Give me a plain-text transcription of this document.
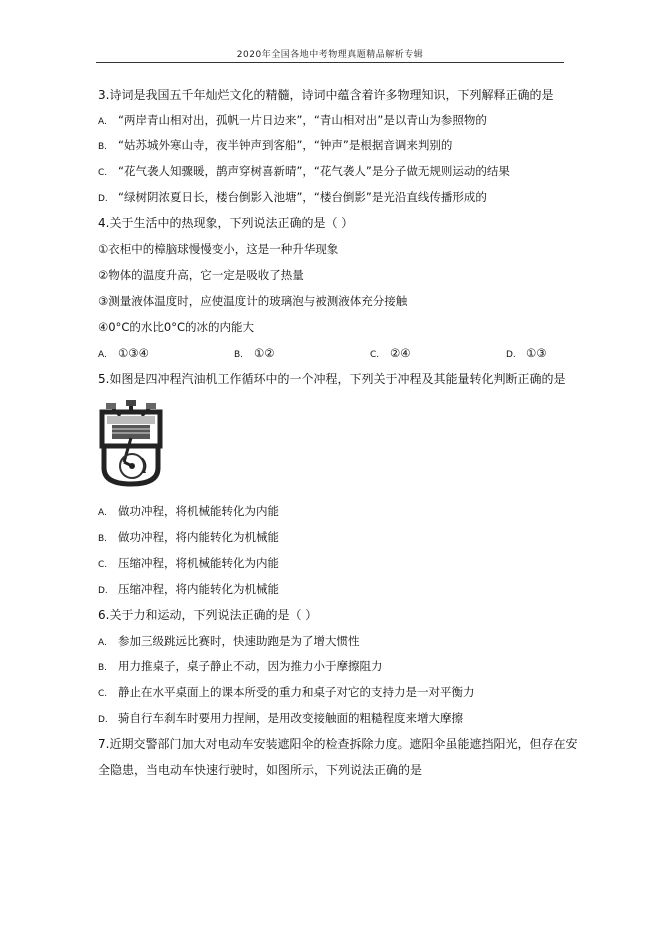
2020年全国各地中考物理真题精品解析专辑
3.诗词是我国五千年灿烂文化的精髓，诗词中蕴含着许多物理知识，下列解释正确的是
A. “两岸青山相对出，孤帆一片日边来”，“青山相对出”是以青山为参照物的
B. “姑苏城外寒山寺，夜半钟声到客船”，“钟声”是根据音调来判别的
C. “花气袭人知骤暖，鹊声穿树喜新晴”，“花气袭人”是分子做无规则运动的结果
D. “绿树阴浓夏日长，楼台倒影入池塘”，“楼台倒影”是光沿直线传播形成的
4.关于生活中的热现象，下列说法正确的是（ ）
①衣柜中的樟脑球慢慢变小，这是一种升华现象
②物体的温度升高，它一定是吸收了热量
③测量液体温度时，应使温度计的玻璃泡与被测液体充分接触
④0°C的水比0°C的冰的内能大
A. ①③④	B. ①②	C. ②④	D. ①③
5.如图是四冲程汽油机工作循环中的一个冲程，下列关于冲程及其能量转化判断正确的是
A. 做功冲程，将机械能转化为内能
B. 做功冲程，将内能转化为机械能
C. 压缩冲程，将机械能转化为内能
D. 压缩冲程，将内能转化为机械能
6.关于力和运动，下列说法正确的是（ ）
A. 参加三级跳远比赛时，快速助跑是为了增大惯性
B. 用力推桌子，桌子静止不动，因为推力小于摩擦阻力
C. 静止在水平桌面上的课本所受的重力和桌子对它的支持力是一对平衡力
D. 骑自行车刹车时要用力捏闸，是用改变接触面的粗糙程度来增大摩擦
7.近期交警部门加大对电动车安装遮阳伞的检查拆除力度。遮阳伞虽能遮挡阳光，但存在安
全隐患，当电动车快速行驶时，如图所示，下列说法正确的是
